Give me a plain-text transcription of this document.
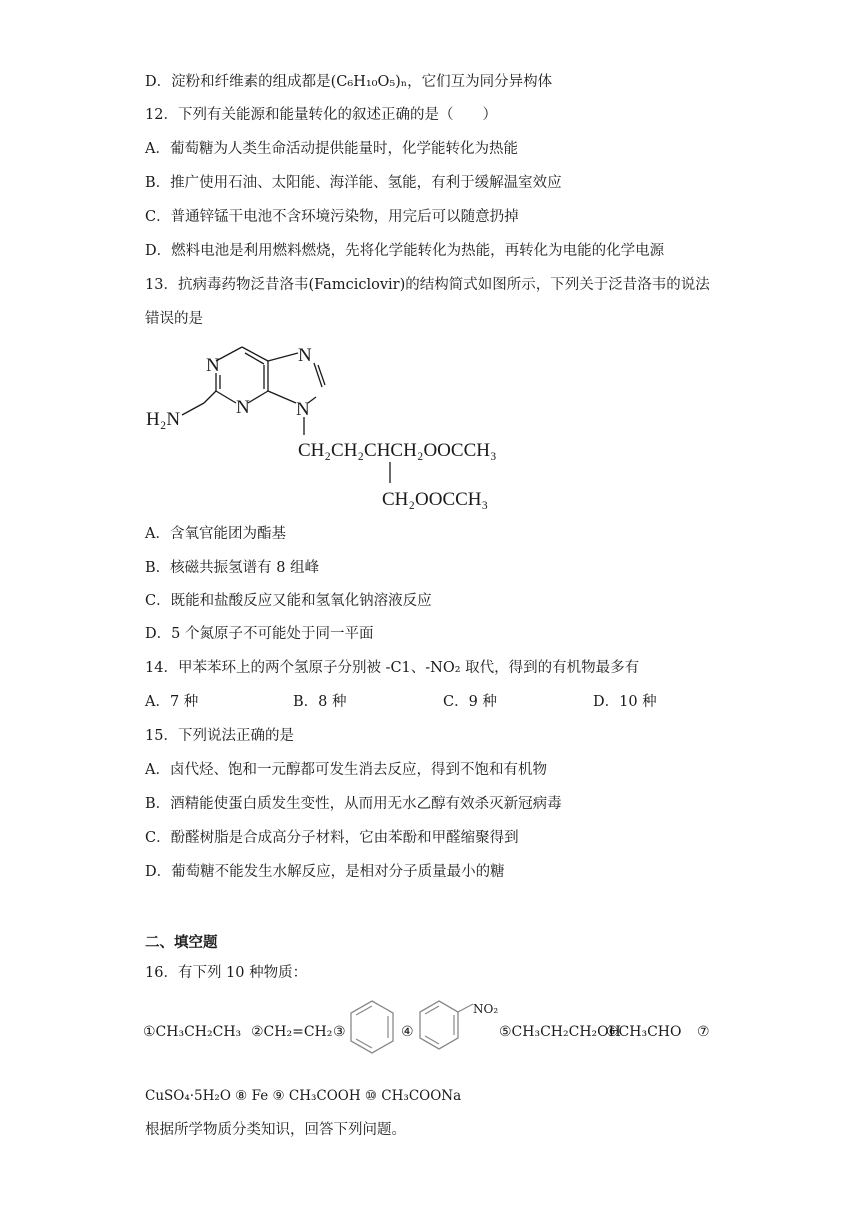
D．淀粉和纤维素的组成都是(C₆H₁₀O₅)ₙ，它们互为同分异构体
12．下列有关能源和能量转化的叙述正确的是（　　）
A．葡萄糖为人类生命活动提供能量时，化学能转化为热能
B．推广使用石油、太阳能、海洋能、氢能，有利于缓解温室效应
C．普通锌锰干电池不含环境污染物，用完后可以随意扔掉
D．燃料电池是利用燃料燃烧，先将化学能转化为热能，再转化为电能的化学电源
13．抗病毒药物泛昔洛韦(Famciclovir)的结构简式如图所示，下列关于泛昔洛韦的说法
错误的是
N
N
N
N
H₂N
CH₂CH₂CHCH₂OOCCH₃
CH₂OOCCH₃
A．含氧官能团为酯基
B．核磁共振氢谱有 8 组峰
C．既能和盐酸反应又能和氢氧化钠溶液反应
D．5 个氮原子不可能处于同一平面
14．甲苯苯环上的两个氢原子分别被 -C1、-NO₂ 取代，得到的有机物最多有
A．7 种	B．8 种	C．9 种	D．10 种
15．下列说法正确的是
A．卤代烃、饱和一元醇都可发生消去反应，得到不饱和有机物
B．酒精能使蛋白质发生变性，从而用无水乙醇有效杀灭新冠病毒
C．酚醛树脂是合成高分子材料，它由苯酚和甲醛缩聚得到
D．葡萄糖不能发生水解反应，是相对分子质量最小的糖
二、填空题
16．有下列 10 种物质：
①CH₃CH₂CH₃ ②CH₂=CH₂ ③	④
NO₂
⑤CH₃CH₂CH₂OH
⑥CH₃CHO ⑦
CuSO₄·5H₂O ⑧ Fe ⑨ CH₃COOH ⑩ CH₃COONa
根据所学物质分类知识，回答下列问题。
